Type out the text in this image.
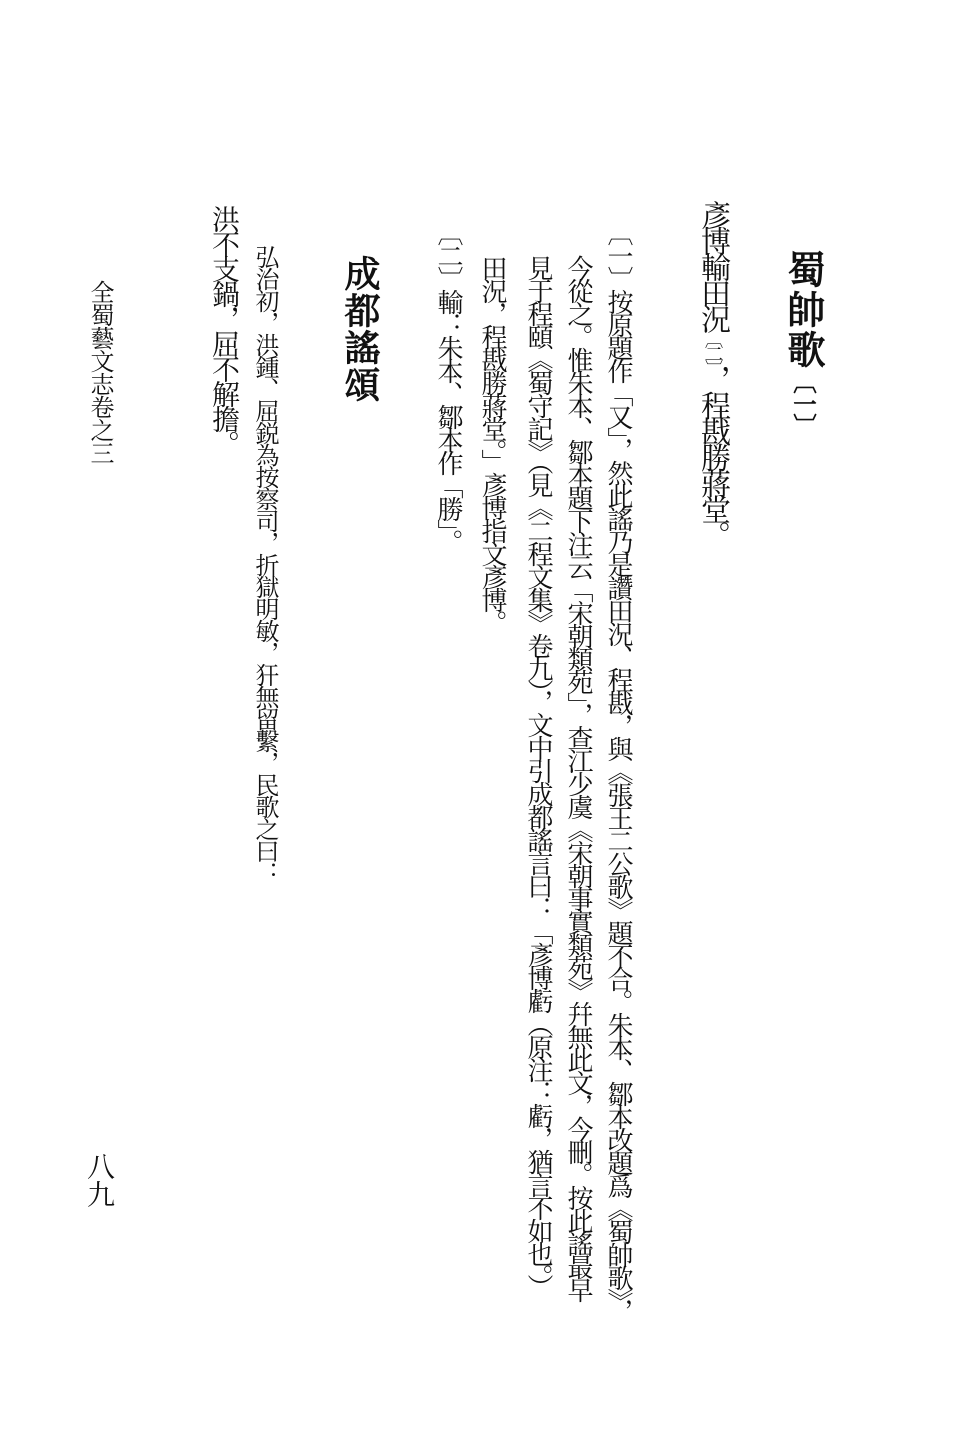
蜀帥歌〔一〕

彥博輸田況〔二〕，程戡勝蔣堂。

〔一〕按原題作「又」，然此謠乃是讚田況、程戡，與《張王二公歌》題不合。朱本、鄒本改題爲《蜀帥歌》，

今從之。惟朱本、鄒本題下注云「宋朝類苑」，查江少虞《宋朝事實類苑》幷無此文，今刪。按此謠最早

見于程頤《蜀守記》（見《二程文集》卷九），文中引成都謠言曰：「彥博虧（原注：虧，猶言不如也。）

田況，程戡勝蔣堂。」彥博指文彥博。

〔二〕輸：朱本、鄒本作「勝」。

成都謠頌

弘治初，洪鍾、屈鋭為按察司，折獄明敏，犴無留繫，民歌之曰：

洪不支鍋，屈不解擔。

全蜀藝文志卷之三
八九
